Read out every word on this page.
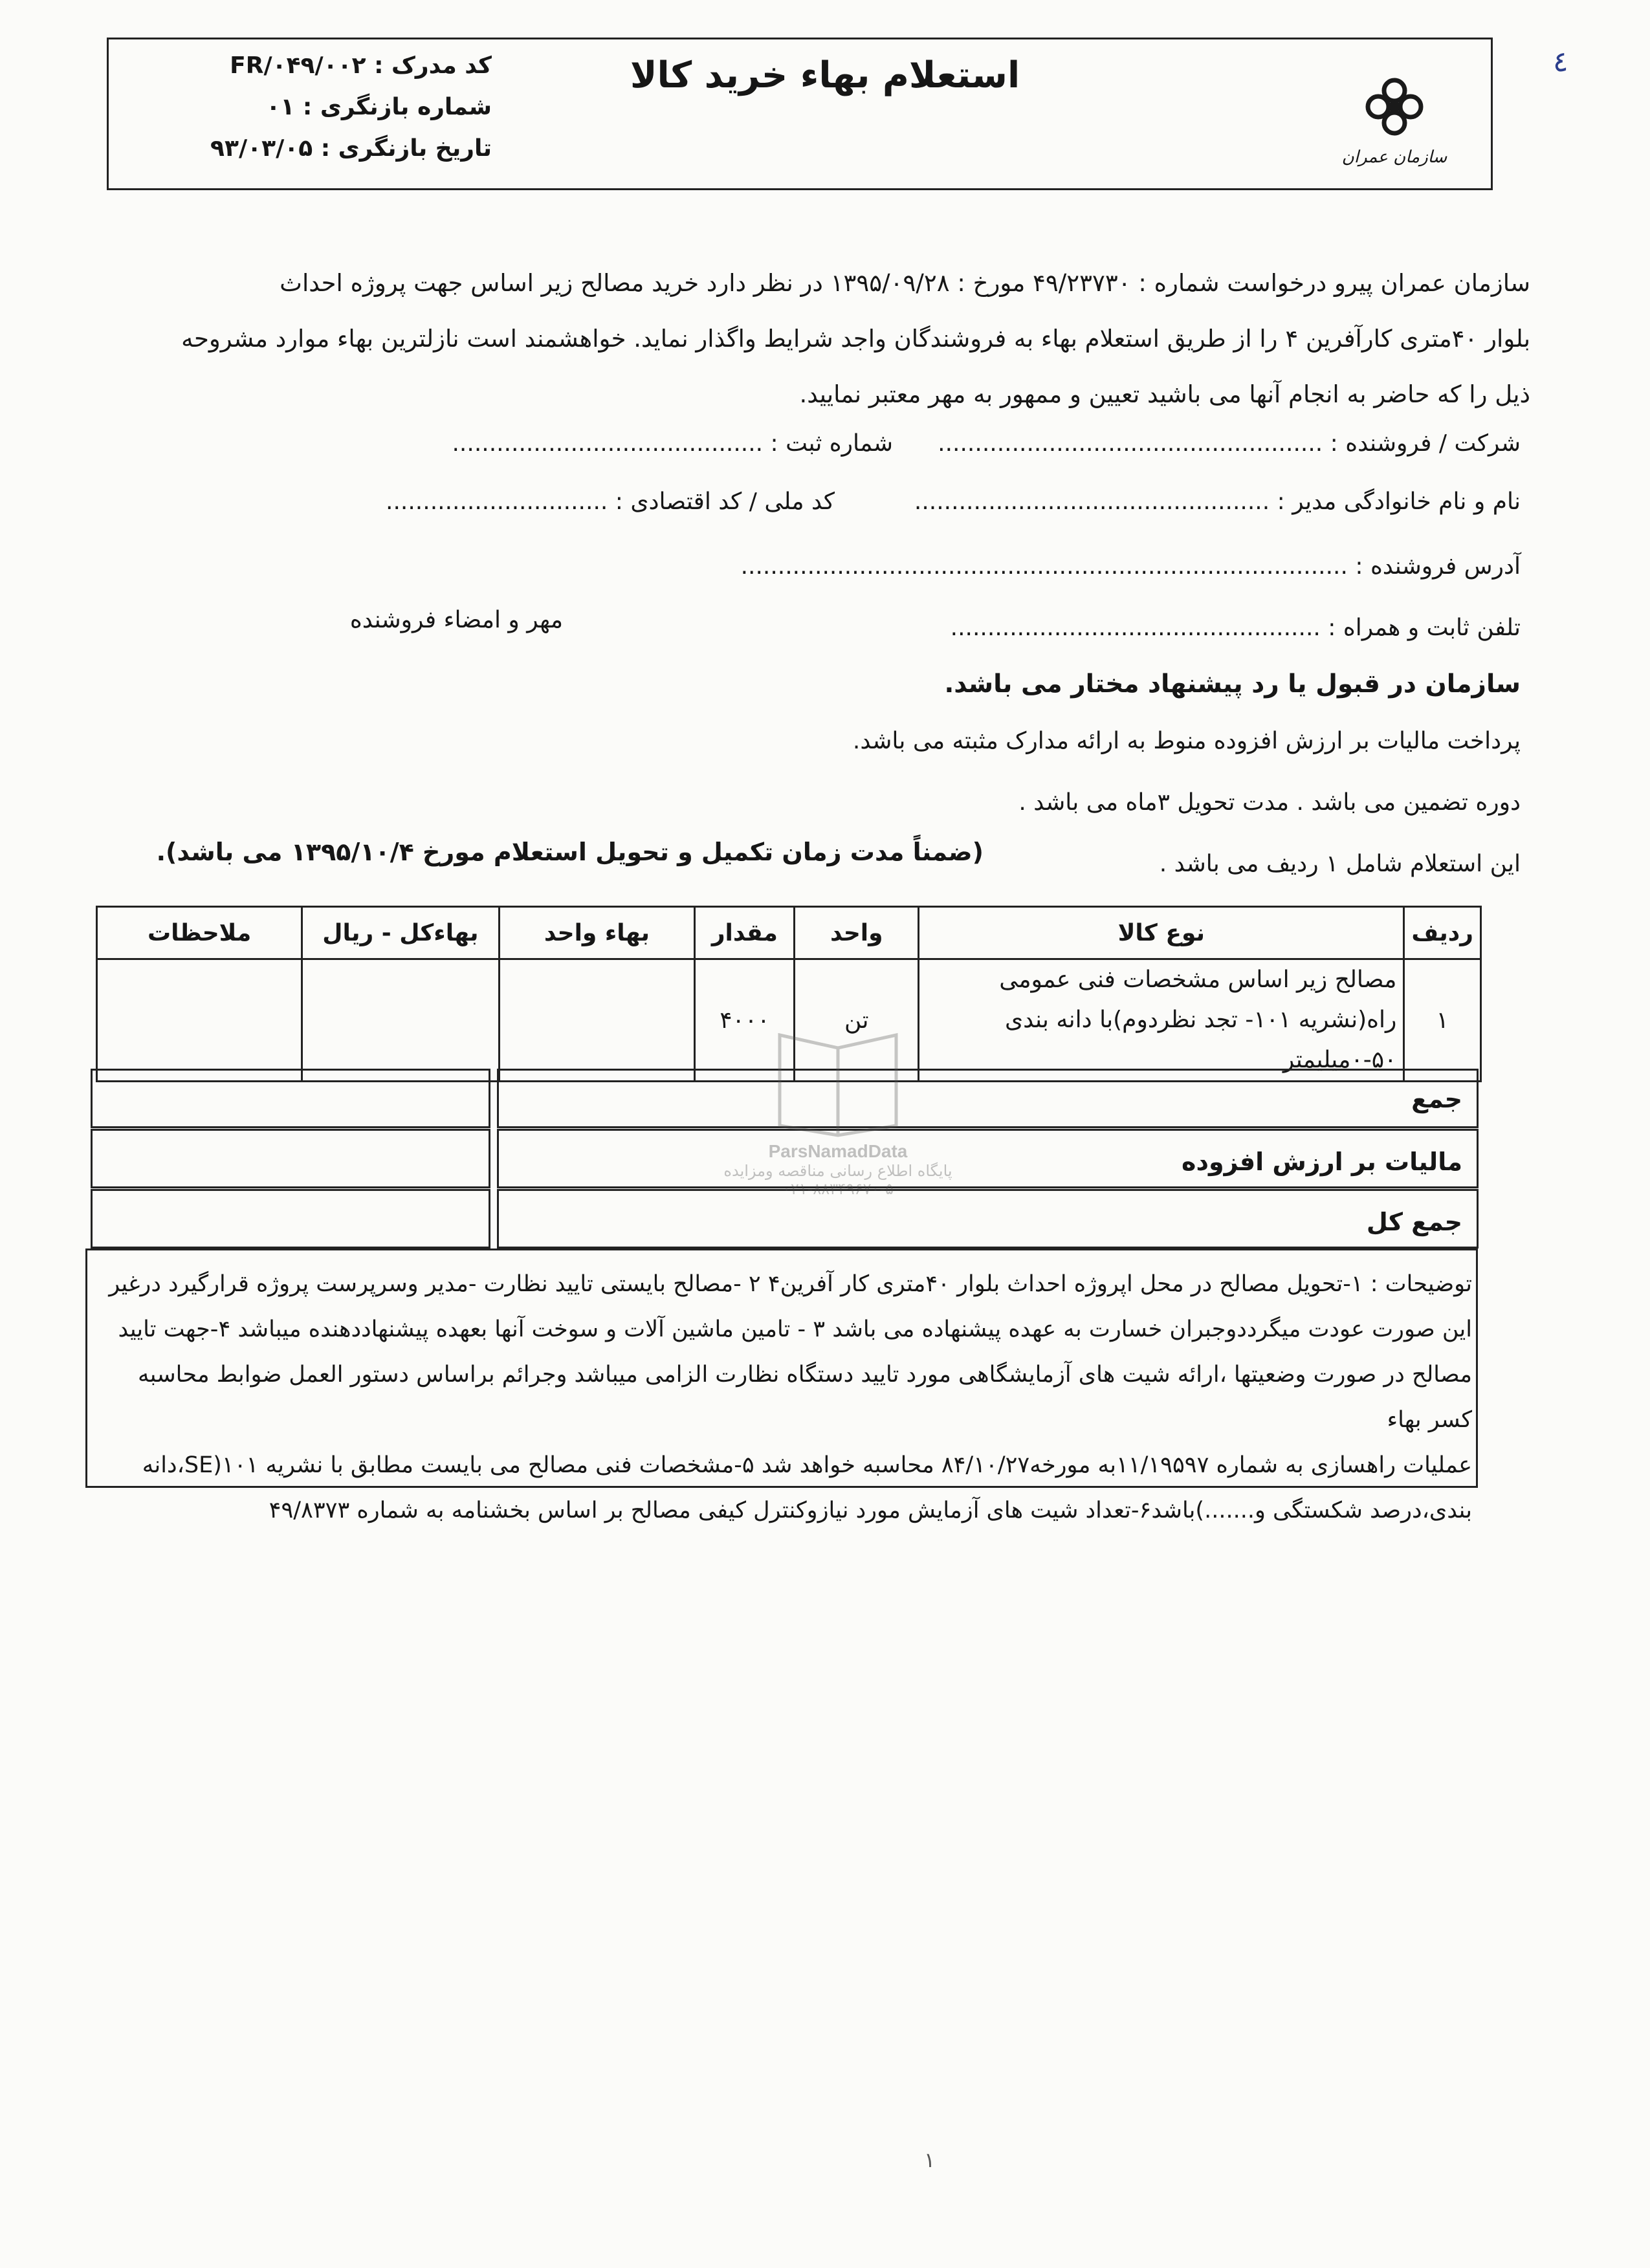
استعلام بهاء خرید کالا
کد مدرک : FR/۰۴۹/۰۰۲
شماره بازنگری : ۰۱
تاریخ بازنگری : ۹۳/۰۳/۰۵	سازمان عمران
٤

سازمان عمران پیرو درخواست شماره : ۴۹/۲۳۷۳۰ مورخ : ۱۳۹۵/۰۹/۲۸ در نظر دارد خرید مصالح زیر اساس جهت پروژه احداث

بلوار ۴۰متری کارآفرین ۴ را از طریق استعلام بهاء به فروشندگان واجد شرایط واگذار نماید. خواهشمند است نازلترین بهاء موارد مشروحه

ذیل را که حاضر به انجام آنها می باشید تعیین و ممهور به مهر معتبر نمایید.

شرکت / فروشنده : ....................................................
شماره ثبت : ..........................................
نام و نام خانوادگی مدیر : ................................................
کد ملی / کد اقتصادی : ..............................
آدرس فروشنده : ..................................................................................
تلفن ثابت و همراه : ..................................................
مهر و امضاء فروشنده
سازمان در قبول یا رد پیشنهاد مختار می باشد.
پرداخت مالیات بر ارزش افزوده منوط به ارائه مدارک مثبته می باشد.
دوره تضمین می باشد . مدت تحویل ۳ماه می باشد .
این استعلام شامل ۱ ردیف می باشد .
(ضمناً مدت زمان تکمیل و تحویل استعلام مورخ ۱۳۹۵/۱۰/۴ می باشد).
ردیف	نوع کالا	واحد	مقدار	بهاء واحد	بهاءکل - ریال	ملاحظات
۱	مصالح زیر اساس مشخصات فنی عمومی راه(نشریه ۱۰۱- تجد نظردوم)با دانه بندی ۵۰-۰میلیمتر	تن	۴۰۰۰			
جمع
مالیات بر ارزش افزوده
جمع کل

توضیحات : ۱-تحویل مصالح در محل اپروژه احداث بلوار ۴۰متری کار آفرین۴ ۲ -مصالح بایستی تایید نظارت -مدیر وسرپرست پروژه قرارگیرد درغیر

این صورت عودت میگرددوجبران خسارت به عهده پیشنهاده می باشد ۳ - تامین ماشین آلات و سوخت آنها بعهده پیشنهاددهنده میباشد ۴-جهت تایید

مصالح در صورت وضعیتها ،ارائه شیت های آزمایشگاهی مورد تایید دستگاه نظارت الزامی میباشد وجرائم براساس دستور العمل ضوابط محاسبه کسر بهاء

عملیات راهسازی به شماره ۱۱/۱۹۵۹۷به مورخه۸۴/۱۰/۲۷ محاسبه خواهد شد ۵-مشخصات فنی مصالح می بایست مطابق با نشریه ۱۰۱(SE،دانه

بندی،درصد شکستگی و.......)باشد۶-تعداد شیت های آزمایش مورد نیازوکنترل کیفی مصالح بر اساس بخشنامه به شماره ۴۹/۸۳۷۳

ParsNamadData
پایگاه اطلاع رسانی مناقصه ومزایده
۰۲۱-۸۸۳۴۹۶۷۰-۵
۱
